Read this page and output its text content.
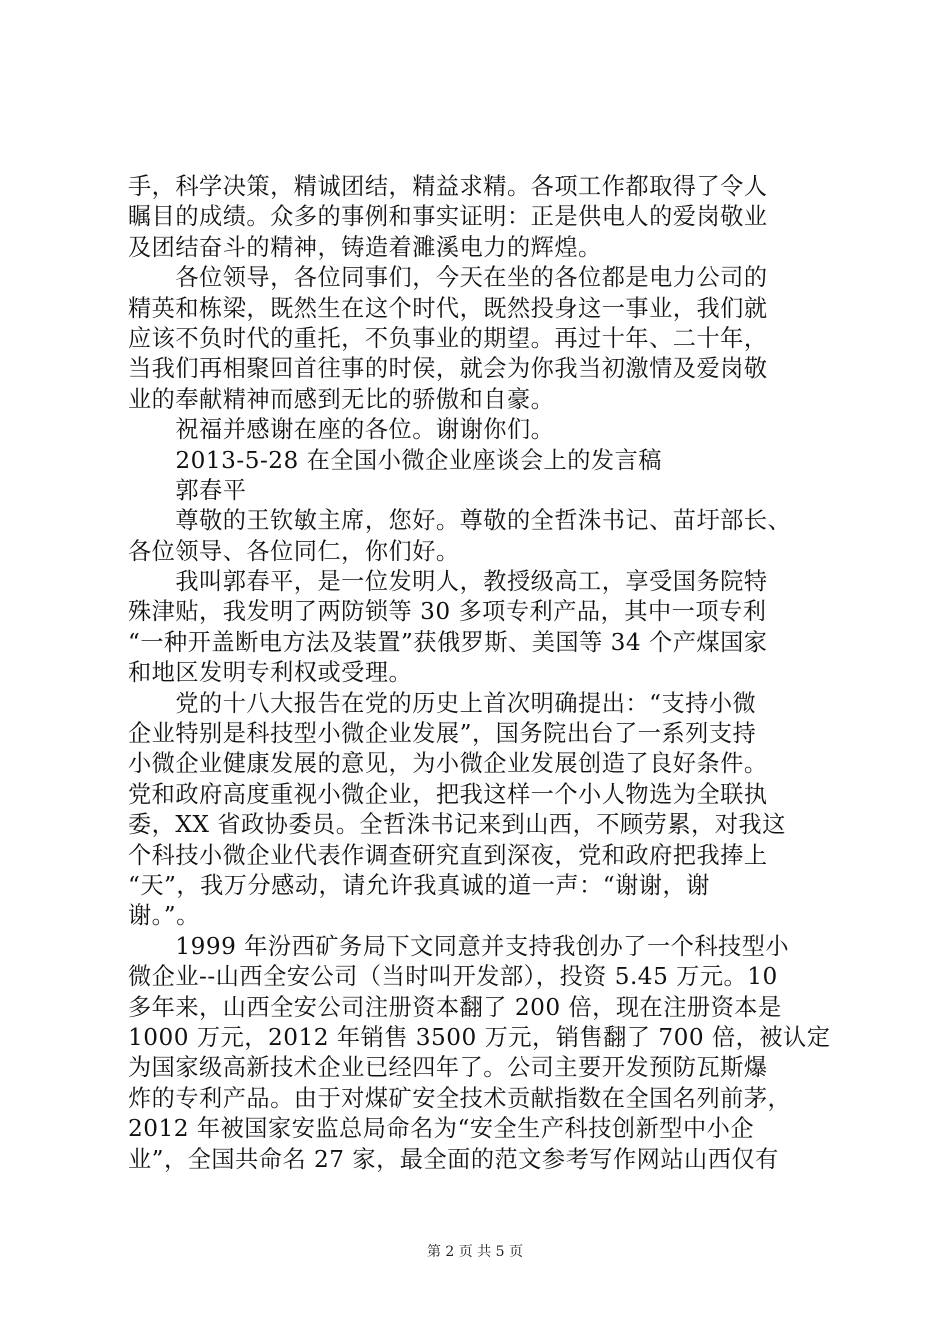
手，科学决策，精诚团结，精益求精。各项工作都取得了令人
瞩目的成绩。众多的事例和事实证明：正是供电人的爱岗敬业
及团结奋斗的精神，铸造着濉溪电力的辉煌。
　　各位领导，各位同事们，今天在坐的各位都是电力公司的
精英和栋梁，既然生在这个时代，既然投身这一事业，我们就
应该不负时代的重托，不负事业的期望。再过十年、二十年，
当我们再相聚回首往事的时侯，就会为你我当初激情及爱岗敬
业的奉献精神而感到无比的骄傲和自豪。
　　祝福并感谢在座的各位。谢谢你们。
　　2013-5-28 在全国小微企业座谈会上的发言稿
　　郭春平
　　尊敬的王钦敏主席，您好。尊敬的全哲洙书记、苗圩部长、
各位领导、各位同仁，你们好。
　　我叫郭春平，是一位发明人，教授级高工，享受国务院特
殊津贴，我发明了两防锁等 30 多项专利产品，其中一项专利
“一种开盖断电方法及装置”获俄罗斯、美国等 34 个产煤国家
和地区发明专利权或受理。
　　党的十八大报告在党的历史上首次明确提出：“支持小微
企业特别是科技型小微企业发展”，国务院出台了一系列支持
小微企业健康发展的意见，为小微企业发展创造了良好条件。
党和政府高度重视小微企业，把我这样一个小人物选为全联执
委，XX 省政协委员。全哲洙书记来到山西，不顾劳累，对我这
个科技小微企业代表作调查研究直到深夜，党和政府把我捧上
“天”，我万分感动，请允许我真诚的道一声：“谢谢，谢
谢。”。
　　1999 年汾西矿务局下文同意并支持我创办了一个科技型小
微企业--山西全安公司（当时叫开发部），投资 5.45 万元。10
多年来，山西全安公司注册资本翻了 200 倍，现在注册资本是
1000 万元，2012 年销售 3500 万元，销售翻了 700 倍，被认定
为国家级高新技术企业已经四年了。公司主要开发预防瓦斯爆
炸的专利产品。由于对煤矿安全技术贡献指数在全国名列前茅，
2012 年被国家安监总局命名为“安全生产科技创新型中小企
业”，全国共命名 27 家，最全面的范文参考写作网站山西仅有
第 2 页 共 5 页
